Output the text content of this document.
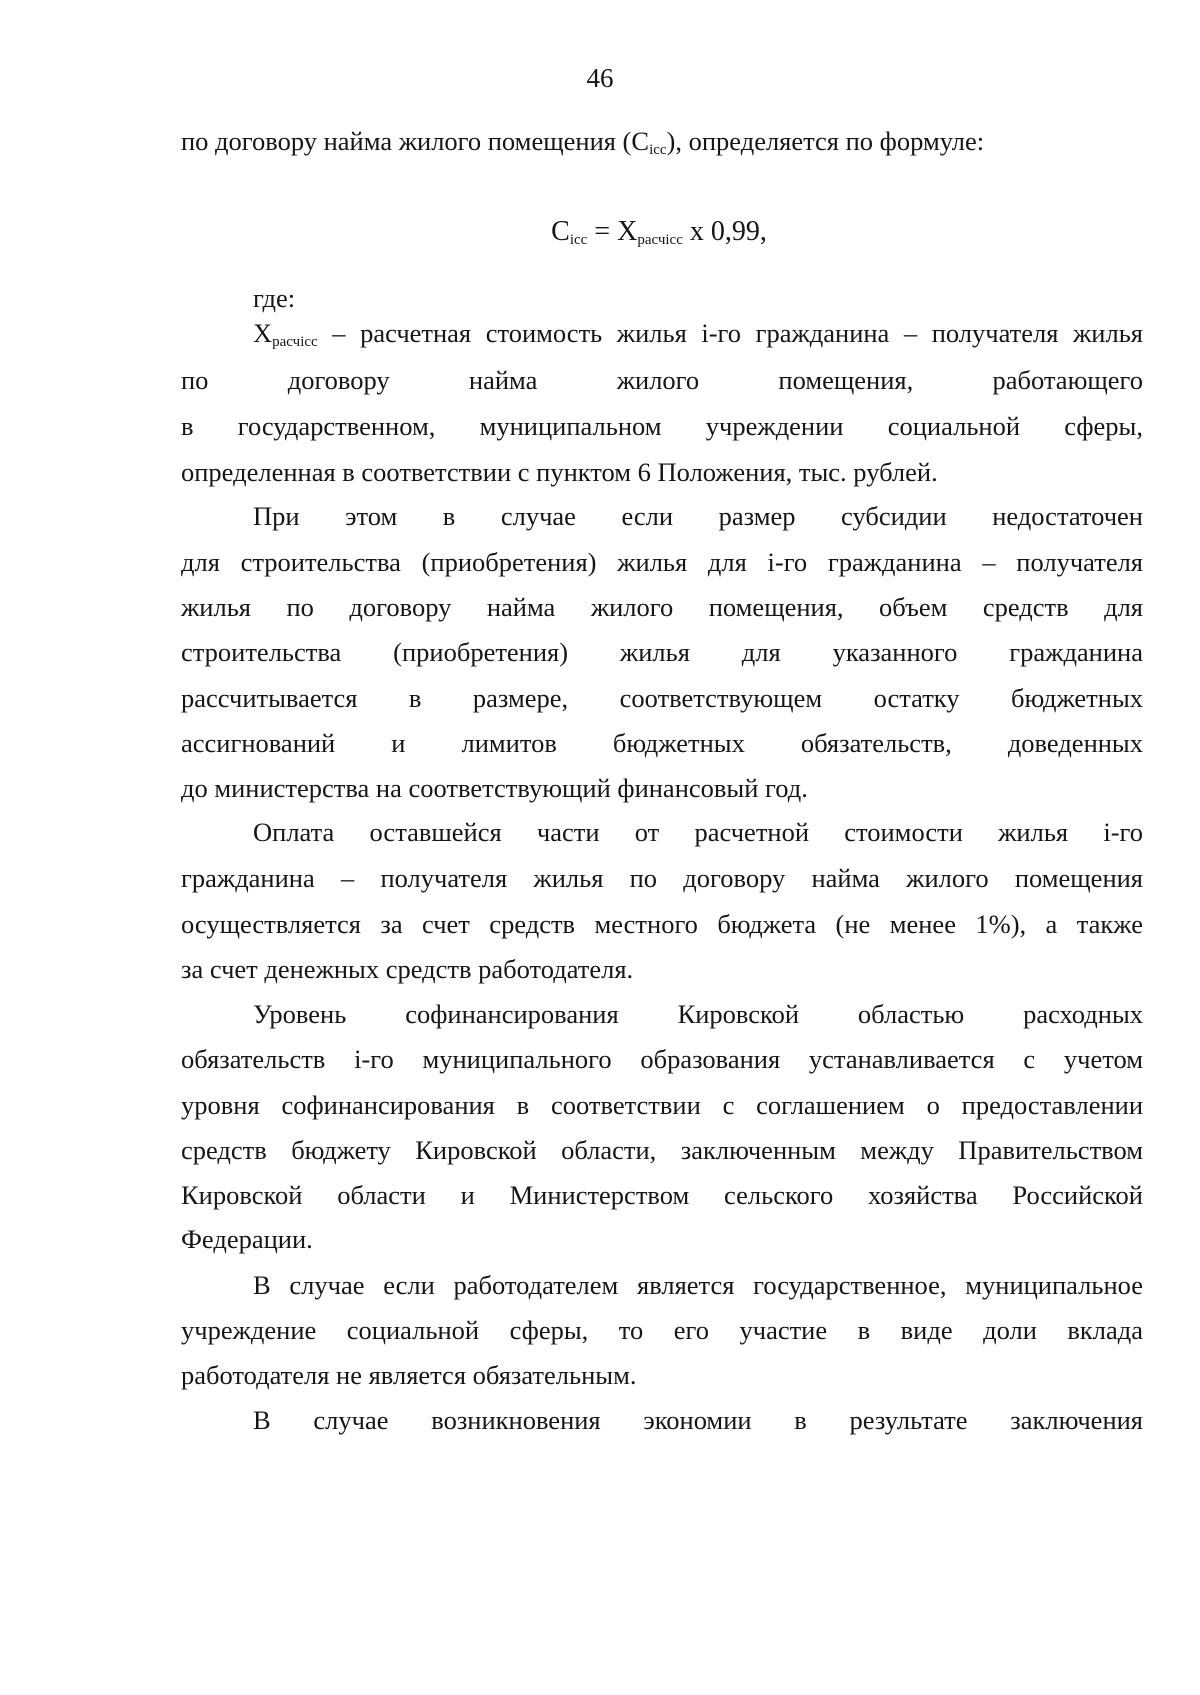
46
по договору найма жилого помещения $(С_{icc})$, определяется по формуле:
$С_{icc} = Х_{расчicc}$ х 0,99,
где:
$Х_{расчicc}$ – расчетная стоимость жилья i-го гражданина – получателя жилья
по договору найма жилого помещения, работающего
в государственном, муниципальном учреждении социальной сферы,
определенная в соответствии с пунктом 6 Положения, тыс. рублей.
При этом в случае если размер субсидии недостаточен
для строительства (приобретения) жилья для i-го гражданина – получателя
жилья по договору найма жилого помещения, объем средств для
строительства (приобретения) жилья для указанного гражданина
рассчитывается в размере, соответствующем остатку бюджетных
ассигнований и лимитов бюджетных обязательств, доведенных
до министерства на соответствующий финансовый год.
Оплата оставшейся части от расчетной стоимости жилья i-го
гражданина – получателя жилья по договору найма жилого помещения
осуществляется за счет средств местного бюджета (не менее 1%), а также
за счет денежных средств работодателя.
Уровень софинансирования Кировской областью расходных
обязательств i-го муниципального образования устанавливается с учетом
уровня софинансирования в соответствии с соглашением о предоставлении
средств бюджету Кировской области, заключенным между Правительством
Кировской области и Министерством сельского хозяйства Российской
Федерации.
В случае если работодателем является государственное, муниципальное
учреждение социальной сферы, то его участие в виде доли вклада
работодателя не является обязательным.
В случае возникновения экономии в результате заключения
